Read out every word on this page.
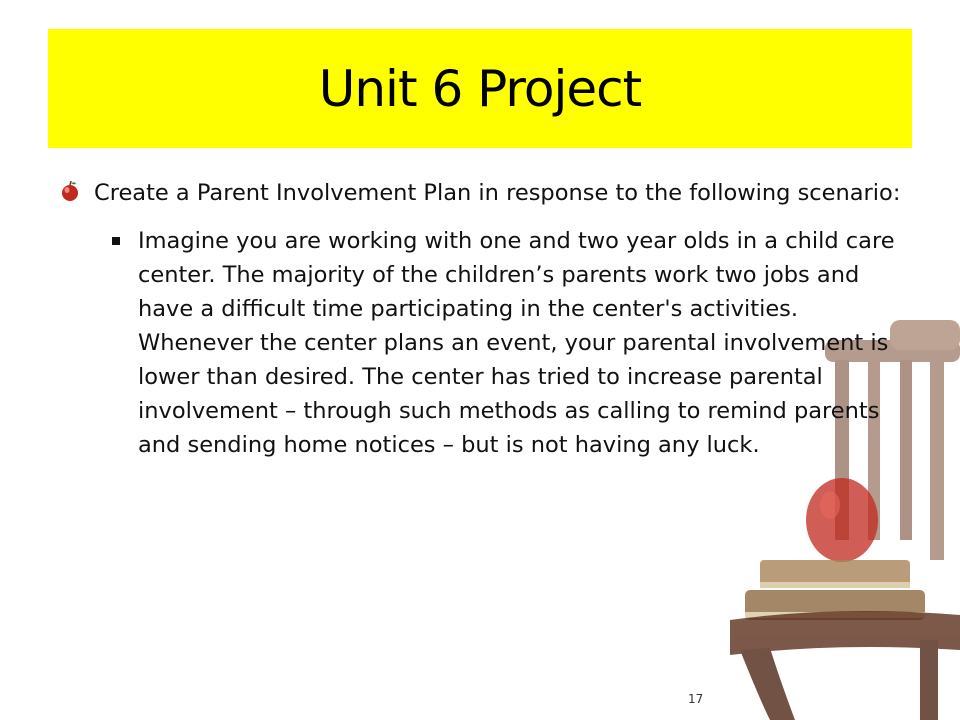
Unit 6 Project
Create a Parent Involvement Plan in response to the following scenario:
Imagine you are working with one and two year olds in a child care center. The majority of the children’s parents work two jobs and have a difficult time participating in the center's activities. Whenever the center plans an event, your parental involvement is lower than desired. The center has tried to increase parental involvement – through such methods as calling to remind parents and sending home notices – but is not having any luck.
17
